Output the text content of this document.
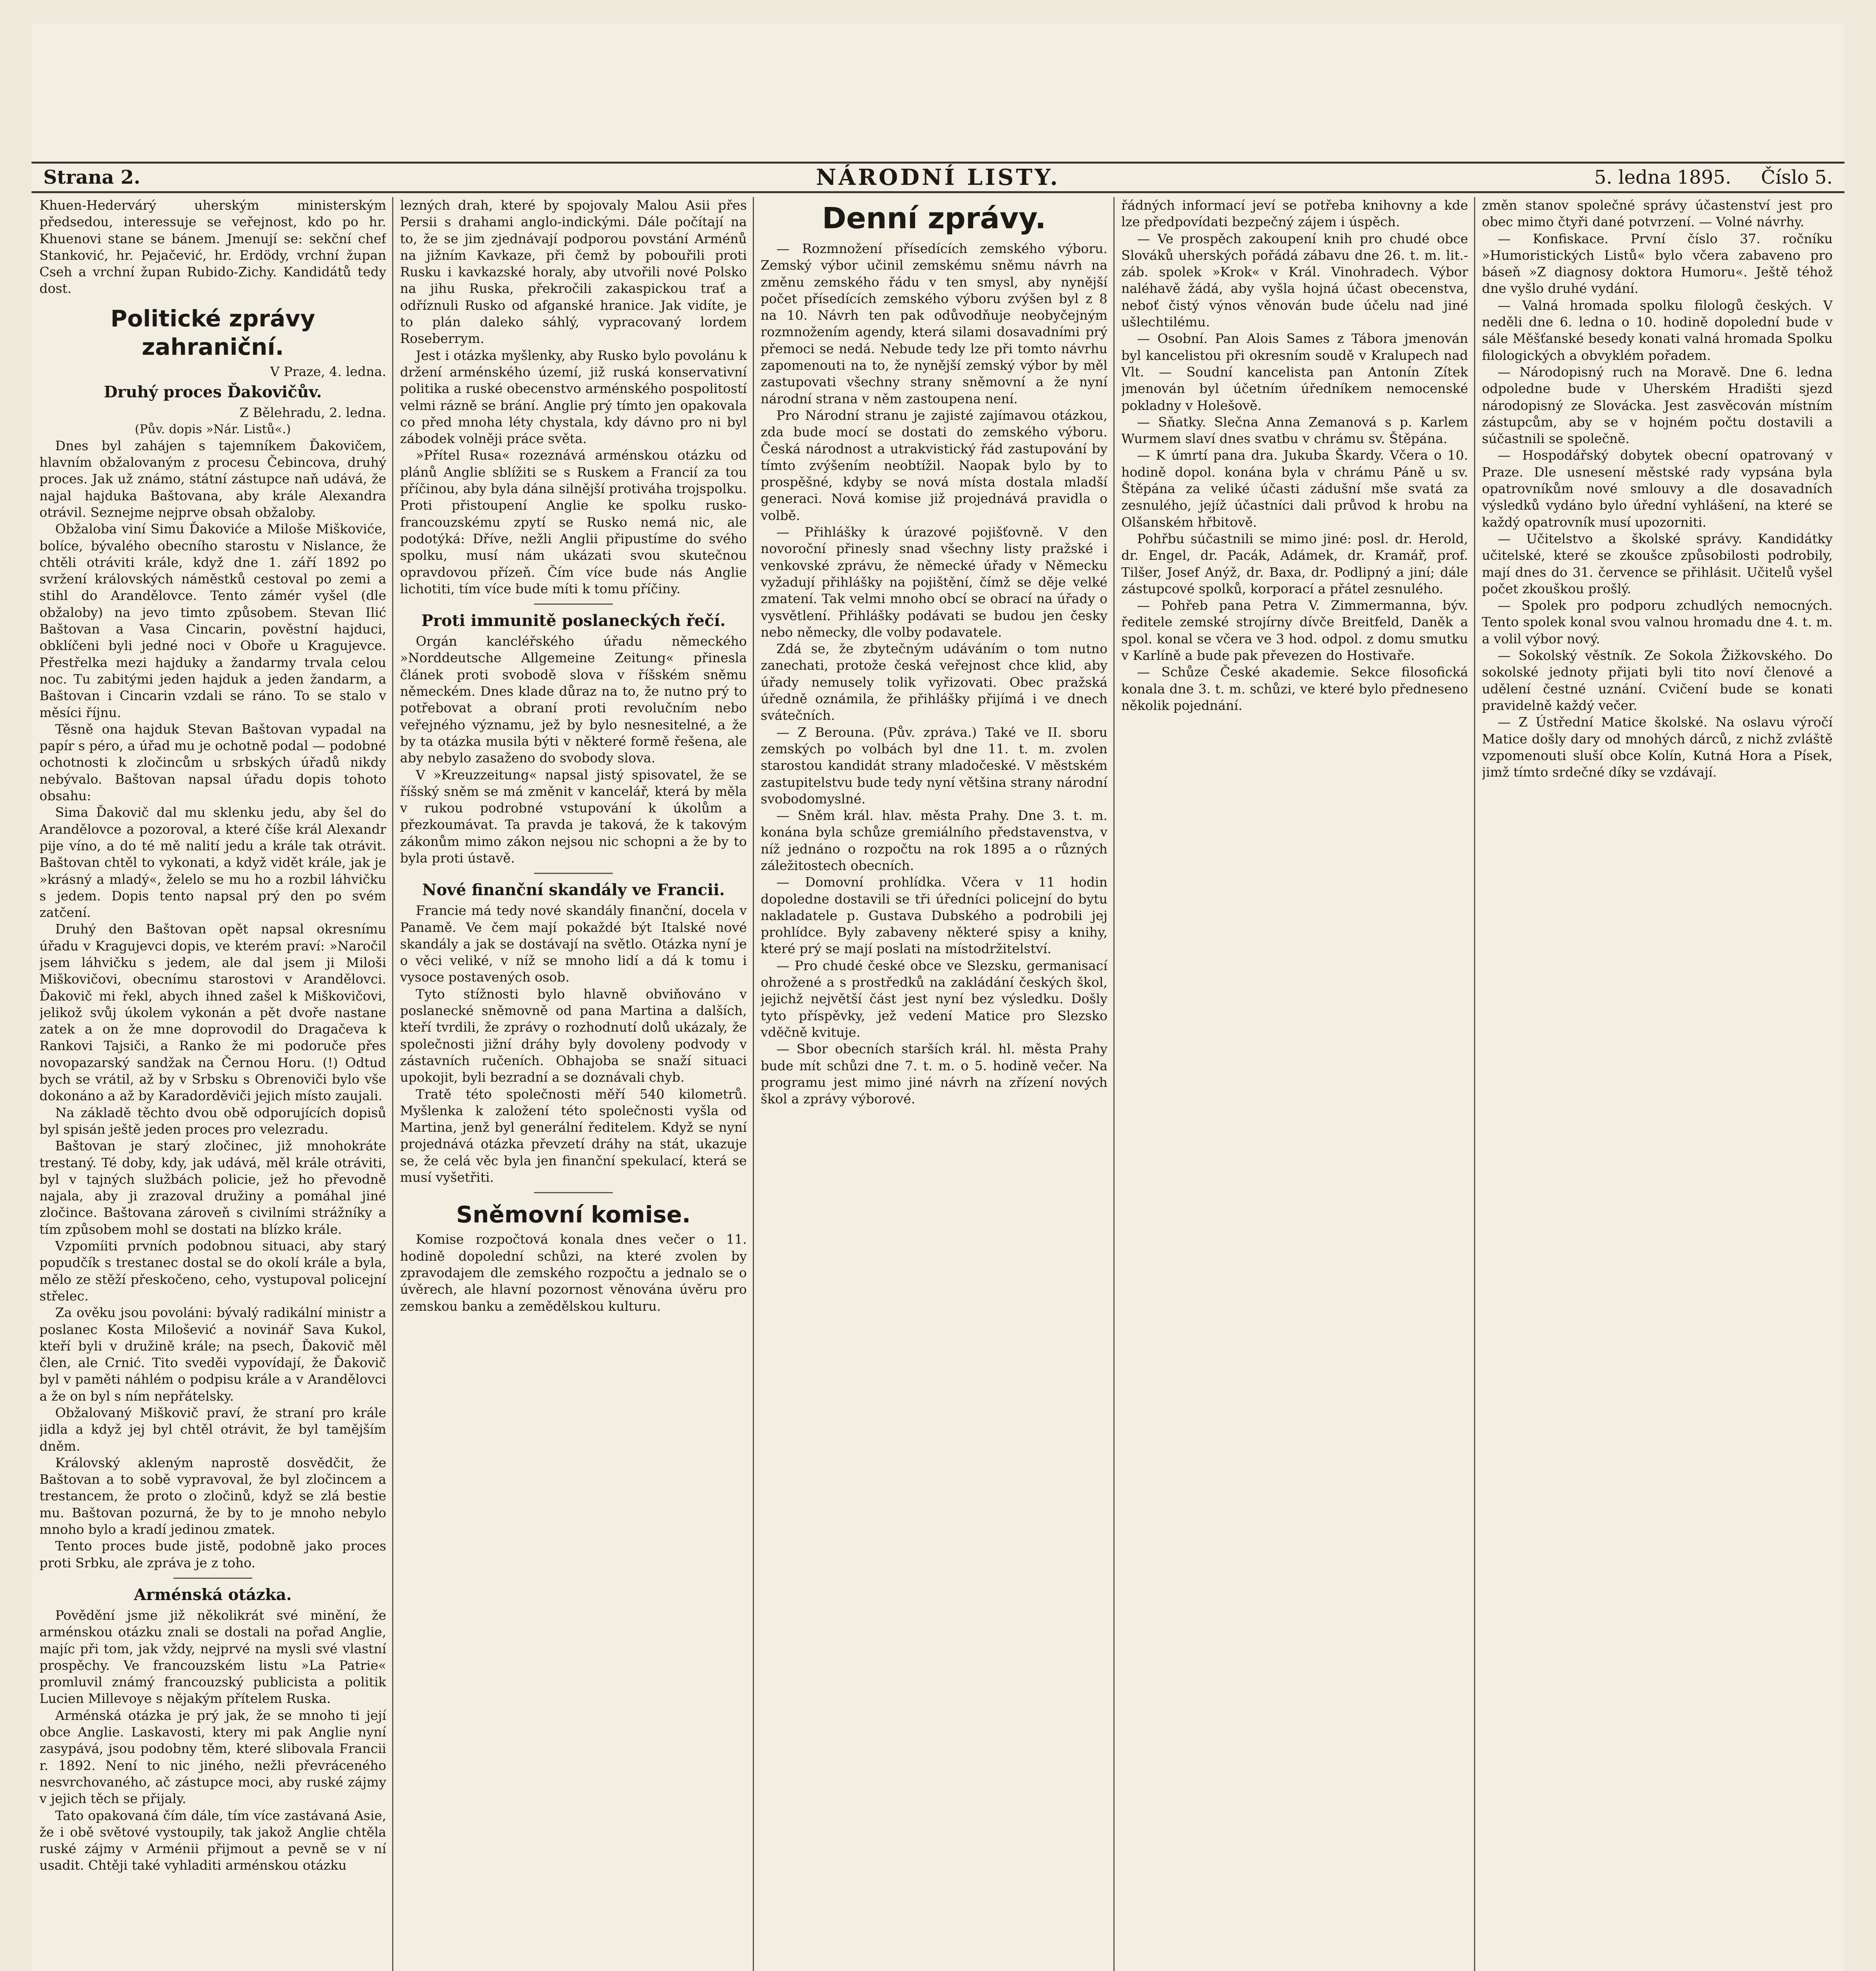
Strana 2.	NÁRODNÍ LISTY.	5. ledna 1895. Číslo 5.

Khuen-Hedervárý uherským ministerským předsedou, interessuje se veřejnost, kdo po hr. Khuenovi stane se bánem. Jmenují se: sekční chef Stanković, hr. Pejačević, hr. Erdödy, vrchní župan Cseh a vrchní župan Rubido-Zichy. Kandidátů tedy dost.

Politické zprávy zahraniční.
V Praze, 4. ledna.
Druhý proces Ďakovičův.
Z Bělehradu, 2. ledna.
(Pův. dopis »Nár. Listů«.)

Dnes byl zahájen s tajemníkem Ďakovičem, hlavním obžalovaným z procesu Čebincova, druhý proces. Jak už známo, státní zástupce naň udává, že najal hajduka Baštovana, aby krále Alexandra otrávil. Seznejme nejprve obsah obžaloby.

Obžaloba viní Simu Ďakoviće a Miloše Miškoviće, bolíce, bývalého obecního starostu v Nislance, že chtěli otráviti krále, když dne 1. září 1892 po svržení královských náměstků cestoval po zemi a stihl do Arandělovce. Tento zámér vyšel (dle obžaloby) na jevo timto způsobem. Stevan Ilić Baštovan a Vasa Cincarin, pověstní hajduci, obklíčeni byli jedné noci v Oboře u Kragujevce. Přestřelka mezi hajduky a žandarmy trvala celou noc. Tu zabitými jeden hajduk a jeden žandarm, a Baštovan i Cincarin vzdali se ráno. To se stalo v měsíci říjnu.

Těsně ona hajduk Stevan Baštovan vypadal na papír s péro, a úřad mu je ochotně podal — podobné ochotnosti k zločincům u srbských úřadů nikdy nebývalo. Baštovan napsal úřadu dopis tohoto obsahu:

Sima Ďakovič dal mu sklenku jedu, aby šel do Arandělovce a pozoroval, a které číše král Alexandr pije víno, a do té mě nalití jedu a krále tak otrávit. Baštovan chtěl to vykonati, a když vidět krále, jak je »krásný a mladý«, želelo se mu ho a rozbil láhvičku s jedem. Dopis tento napsal prý den po svém zatčení.

Druhý den Baštovan opět napsal okresnímu úřadu v Kragujevci dopis, ve kterém praví: »Naročil jsem láhvičku s jedem, ale dal jsem ji Miloši Miškovičovi, obecnímu starostovi v Arandělovci. Ďakovič mi řekl, abych ihned zašel k Miškovičovi, jelikož svůj úkolem vykonán a pět dvoře nastane zatek a on že mne doprovodil do Dragačeva k Rankovi Tajsiči, a Ranko že mi podoruče přes novopazarský sandžak na Černou Horu. (!) Odtud bych se vrátil, až by v Srbsku s Obrenoviči bylo vše dokonáno a až by Karadorděviči jejich místo zaujali.

Na základě těchto dvou obě odporujících dopisů byl spisán ještě jeden proces pro velezradu.

Baštovan je starý zločinec, již mnohokráte trestaný. Té doby, kdy, jak udává, měl krále otráviti, byl v tajných službách policie, jež ho převodně najala, aby ji zrazoval družiny a pomáhal jiné zločince. Baštovana zároveň s civilními strážníky a tím způsobem mohl se dostati na blízko krále.

Vzpomíiti prvních podobnou situaci, aby starý popudčík s trestanec dostal se do okolí krále a byla, mělo ze stěží přeskočeno, ceho, vystupoval policejní střelec.

Za ověku jsou povoláni: bývalý radikální ministr a poslanec Kosta Milošević a novinář Sava Kukol, kteří byli v družině krále; na psech, Ďakovič měl člen, ale Crnić. Tito sveděi vypovídají, že Ďakovič byl v paměti náhlém o podpisu krále a v Arandělovci a že on byl s ním nepřátelsky.

Obžalovaný Miškovič praví, že straní pro krále jidla a když jej byl chtěl otrávit, že byl tamějším dněm.

Královský akleným naprostě dosvědčit, že Baštovan a to sobě vypravoval, že byl zločincem a trestancem, že proto o zločinů, když se zlá bestie mu. Baštovan pozurná, že by to je mnoho nebylo mnoho bylo a kradí jedinou zmatek.

Tento proces bude jistě, podobně jako proces proti Srbku, ale zpráva je z toho.

Arménská otázka.

Povědění jsme již několikrát své minění, že arménskou otázku znali se dostali na pořad Anglie, majíc při tom, jak vždy, nejprvé na mysli své vlastní prospěchy. Ve francouzském listu »La Patrie« promluvil známý francouzský publicista a politik Lucien Millevoye s nějakým přítelem Ruska.

Arménská otázka je prý jak, že se mnoho ti její obce Anglie. Laskavosti, ktery mi pak Anglie nyní zasypává, jsou podobny těm, které slibovala Francii r. 1892. Není to nic jiného, nežli převráceného nesvrchovaného, ač zástupce moci, aby ruské zájmy v jejich těch se přijaly.

Tato opakovaná čím dále, tím více zastávaná Asie, že i obě světové vystoupily, tak jakož Anglie chtěla ruské zájmy v Arménii přijmout a pevně se v ní usadit. Chtěji také vyhladiti arménskou otázku

lezných drah, které by spojovaly Malou Asii přes Persii s drahami anglo-indickými. Dále počítají na to, že se jim zjednávají podporou povstání Arménů na jižním Kavkaze, při čemž by pobouřili proti Rusku i kavkazské horaly, aby utvořili nové Polsko na jihu Ruska, překročili zakaspickou trať a odříznuli Rusko od afganské hranice. Jak vidíte, je to plán daleko sáhlý, vypracovaný lordem Roseberrym.

Jest i otázka myšlenky, aby Rusko bylo povolánu k držení arménského území, již ruská konservativní politika a ruské obecenstvo arménského pospolitostí velmi rázně se brání. Anglie prý tímto jen opakovala co před mnoha léty chystala, kdy dávno pro ni byl zábodek volněji práce světa.

»Přítel Rusa« rozeznává arménskou otázku od plánů Anglie sblížiti se s Ruskem a Francií za tou příčinou, aby byla dána silnější protiváha trojspolku. Proti přistoupení Anglie ke spolku rusko-francouzskému zpytí se Rusko nemá nic, ale podotýká: Dříve, nežli Anglii připustíme do svého spolku, musí nám ukázati svou skutečnou opravdovou přízeň. Čím více bude nás Anglie lichotiti, tím více bude míti k tomu příčiny.

Proti immunitě poslaneckých řečí.

Orgán kancléřského úřadu německého »Norddeutsche Allgemeine Zeitung« přinesla článek proti svobodě slova v říšském sněmu německém. Dnes klade důraz na to, že nutno prý to potřebovat a obraní proti revolučním nebo veřejného významu, jež by bylo nesnesitelné, a že by ta otázka musila býti v některé formě řešena, ale aby nebylo zasaženo do svobody slova.

V »Kreuzzeitung« napsal jistý spisovatel, že se říšský sněm se má změnit v kancelář, která by měla v rukou podrobné vstupování k úkolům a přezkoumávat. Ta pravda je taková, že k takovým zákonům mimo zákon nejsou nic schopni a že by to byla proti ústavě.

Nové finanční skandály ve Francii.

Francie má tedy nové skandály finanční, docela v Panamě. Ve čem mají pokaždé být Italské nové skandály a jak se dostávají na světlo. Otázka nyní je o věci veliké, v níž se mnoho lidí a dá k tomu i vysoce postavených osob.

Tyto stížnosti bylo hlavně obviňováno v poslanecké sněmovně od pana Martina a dalších, kteří tvrdili, že zprávy o rozhodnutí dolů ukázaly, že společnosti jižní dráhy byly dovoleny podvody v zástavních ručeních. Obhajoba se snaží situaci upokojit, byli bezradní a se doznávali chyb.

Tratě této společnosti měří 540 kilometrů. Myšlenka k založení této společnosti vyšla od Martina, jenž byl generální ředitelem. Když se nyní projednává otázka převzetí dráhy na stát, ukazuje se, že celá věc byla jen finanční spekulací, která se musí vyšetřiti.

Sněmovní komise.

Komise rozpočtová konala dnes večer o 11. hodině dopolední schůzi, na které zvolen by zpravodajem dle zemského rozpočtu a jednalo se o úvěrech, ale hlavní pozornost věnována úvěru pro zemskou banku a zemědělskou kulturu.

Denní zprávy.

— Rozmnožení přísedících zemského výboru. Zemský výbor učinil zemskému sněmu návrh na změnu zemského řádu v ten smysl, aby nynější počet přísedících zemského výboru zvýšen byl z 8 na 10. Návrh ten pak odůvodňuje neobyčejným rozmnožením agendy, která silami dosavadními prý přemoci se nedá. Nebude tedy lze při tomto návrhu zapomenouti na to, že nynější zemský výbor by měl zastupovati všechny strany sněmovní a že nyní národní strana v něm zastoupena není.

Pro Národní stranu je zajisté zajímavou otázkou, zda bude mocí se dostati do zemského výboru. Česká národnost a utrakvistický řád zastupování by tímto zvýšením neobtížil. Naopak bylo by to prospěšné, kdyby se nová místa dostala mladší generaci. Nová komise již projednává pravidla o volbě.

— Přihlášky k úrazové pojišťovně. V den novoroční přinesly snad všechny listy pražské i venkovské zprávu, že německé úřady v Německu vyžadují přihlášky na pojištění, čímž se děje velké zmatení. Tak velmi mnoho obcí se obrací na úřady o vysvětlení. Přihlášky podávati se budou jen česky nebo německy, dle volby podavatele.

Zdá se, že zbytečným udáváním o tom nutno zanechati, protože česká veřejnost chce klid, aby úřady nemusely tolik vyřizovati. Obec pražská úředně oznámila, že přihlášky přijímá i ve dnech svátečních.

— Z Berouna. (Pův. zpráva.) Také ve II. sboru zemských po volbách byl dne 11. t. m. zvolen starostou kandidát strany mladočeské. V městském zastupitelstvu bude tedy nyní většina strany národní svobodomyslné.

— Sněm král. hlav. města Prahy. Dne 3. t. m. konána byla schůze gremiálního představenstva, v níž jednáno o rozpočtu na rok 1895 a o různých záležitostech obecních.

— Domovní prohlídka. Včera v 11 hodin dopoledne dostavili se tři úředníci policejní do bytu nakladatele p. Gustava Dubského a podrobili jej prohlídce. Byly zabaveny některé spisy a knihy, které prý se mají poslati na místodržitelství.

— Pro chudé české obce ve Slezsku, germanisací ohrožené a s prostředků na zakládání českých škol, jejichž největší část jest nyní bez výsledku. Došly tyto příspěvky, jež vedení Matice pro Slezsko vděčně kvituje.

— Sbor obecních starších král. hl. města Prahy bude mít schůzi dne 7. t. m. o 5. hodině večer. Na programu jest mimo jiné návrh na zřízení nových škol a zprávy výborové.

řádných informací jeví se potřeba knihovny a kde lze předpovídati bezpečný zájem i úspěch.

— Ve prospěch zakoupení knih pro chudé obce Slováků uherských pořádá zábavu dne 26. t. m. lit.-záb. spolek »Krok« v Král. Vinohradech. Výbor naléhavě žádá, aby vyšla hojná účast obecenstva, neboť čistý výnos věnován bude účelu nad jiné ušlechtilému.

— Osobní. Pan Alois Sames z Tábora jmenován byl kancelistou při okresním soudě v Kralupech nad Vlt. — Soudní kancelista pan Antonín Zítek jmenován byl účetním úředníkem nemocenské pokladny v Holešově.

— Sňatky. Slečna Anna Zemanová s p. Karlem Wurmem slaví dnes svatbu v chrámu sv. Štěpána.

— K úmrtí pana dra. Jukuba Škardy. Včera o 10. hodině dopol. konána byla v chrámu Páně u sv. Štěpána za veliké účasti zádušní mše svatá za zesnulého, jejíž účastníci dali průvod k hrobu na Olšanském hřbitově.

Pohřbu súčastnili se mimo jiné: posl. dr. Herold, dr. Engel, dr. Pacák, Adámek, dr. Kramář, prof. Tilšer, Josef Anýž, dr. Baxa, dr. Podlipný a jiní; dále zástupcové spolků, korporací a přátel zesnulého.

— Pohřeb pana Petra V. Zimmermanna, býv. ředitele zemské strojírny dívče Breitfeld, Daněk a spol. konal se včera ve 3 hod. odpol. z domu smutku v Karlíně a bude pak převezen do Hostivaře.

— Schůze České akademie. Sekce filosofická konala dne 3. t. m. schůzi, ve které bylo předneseno několik pojednání.

změn stanov společné správy účastenství jest pro obec mimo čtyři dané potvrzení. — Volné návrhy.

— Konfiskace. První číslo 37. ročníku »Humoristických Listů« bylo včera zabaveno pro báseň »Z diagnosy doktora Humoru«. Ještě téhož dne vyšlo druhé vydání.

— Valná hromada spolku filologů českých. V neděli dne 6. ledna o 10. hodině dopolední bude v sále Měšťanské besedy konati valná hromada Spolku filologických a obvyklém pořadem.

— Národopisný ruch na Moravě. Dne 6. ledna odpoledne bude v Uherském Hradišti sjezd národopisný ze Slovácka. Jest zasvěcován místním zástupcům, aby se v hojném počtu dostavili a súčastnili se společně.

— Hospodářský dobytek obecní opatrovaný v Praze. Dle usnesení městské rady vypsána byla opatrovníkům nové smlouvy a dle dosavadních výsledků vydáno bylo úřední vyhlášení, na které se každý opatrovník musí upozorniti.

— Učitelstvo a školské správy. Kandidátky učitelské, které se zkoušce způsobilosti podrobily, mají dnes do 31. července se přihlásit. Učitelů vyšel počet zkouškou prošlý.

— Spolek pro podporu zchudlých nemocných. Tento spolek konal svou valnou hromadu dne 4. t. m. a volil výbor nový.

— Sokolský věstník. Ze Sokola Žižkovského. Do sokolské jednoty přijati byli tito noví členové a udělení čestné uznání. Cvičení bude se konati pravidelně každý večer.

— Z Ústřední Matice školské. Na oslavu výročí Matice došly dary od mnohých dárců, z nichž zvláště vzpomenouti sluší obce Kolín, Kutná Hora a Písek, jimž tímto srdečné díky se vzdávají.
